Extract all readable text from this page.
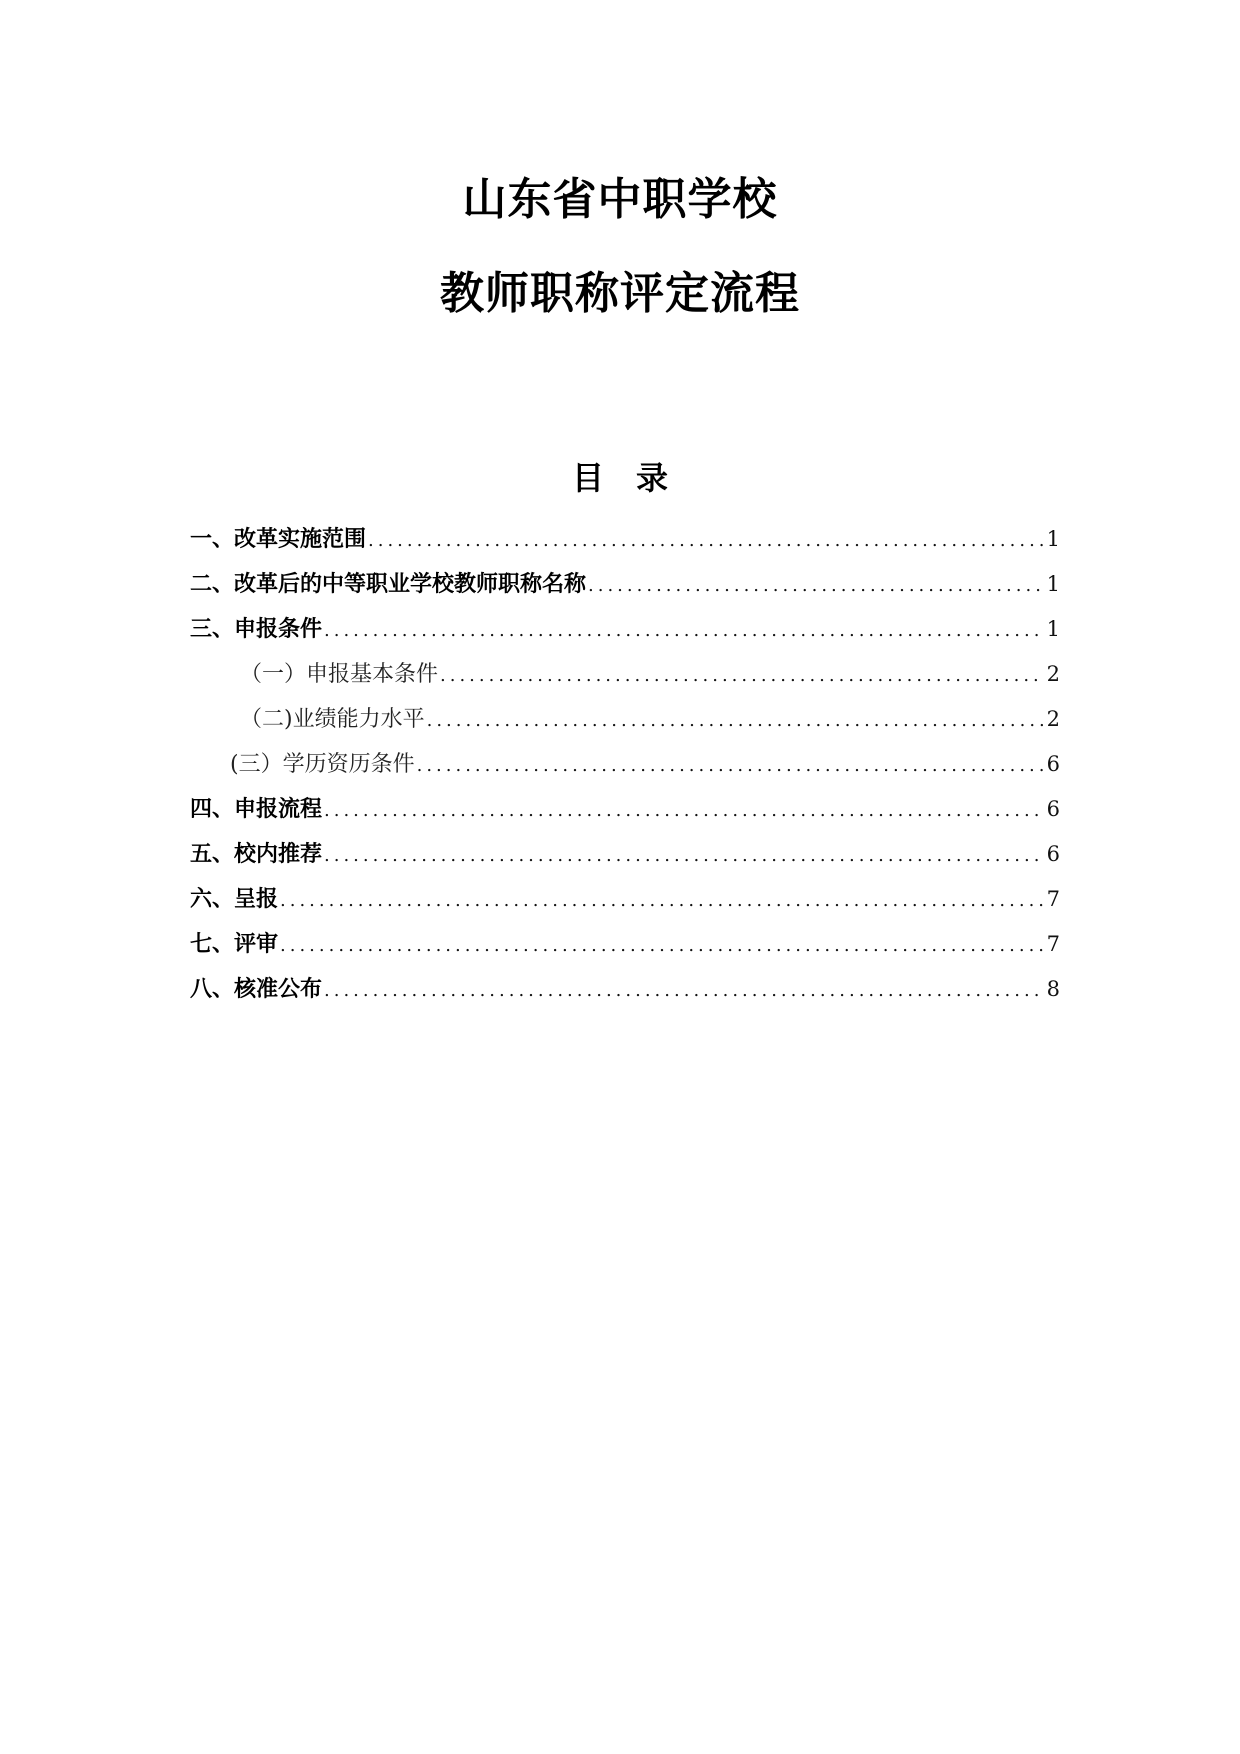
山东省中职学校
教师职称评定流程
目　录
一、改革实施范围 .....	1
二、改革后的中等职业学校教师职称名称 .....	1
三、申报条件 .....	1
（一）申报基本条件 .....	2
（二)业绩能力水平 .....	2
(三）学历资历条件 .....	6
四、申报流程 .....	6
五、校内推荐 .....	6
六、呈报 .....	7
七、评审 .....	7
八、核准公布 .....	8
